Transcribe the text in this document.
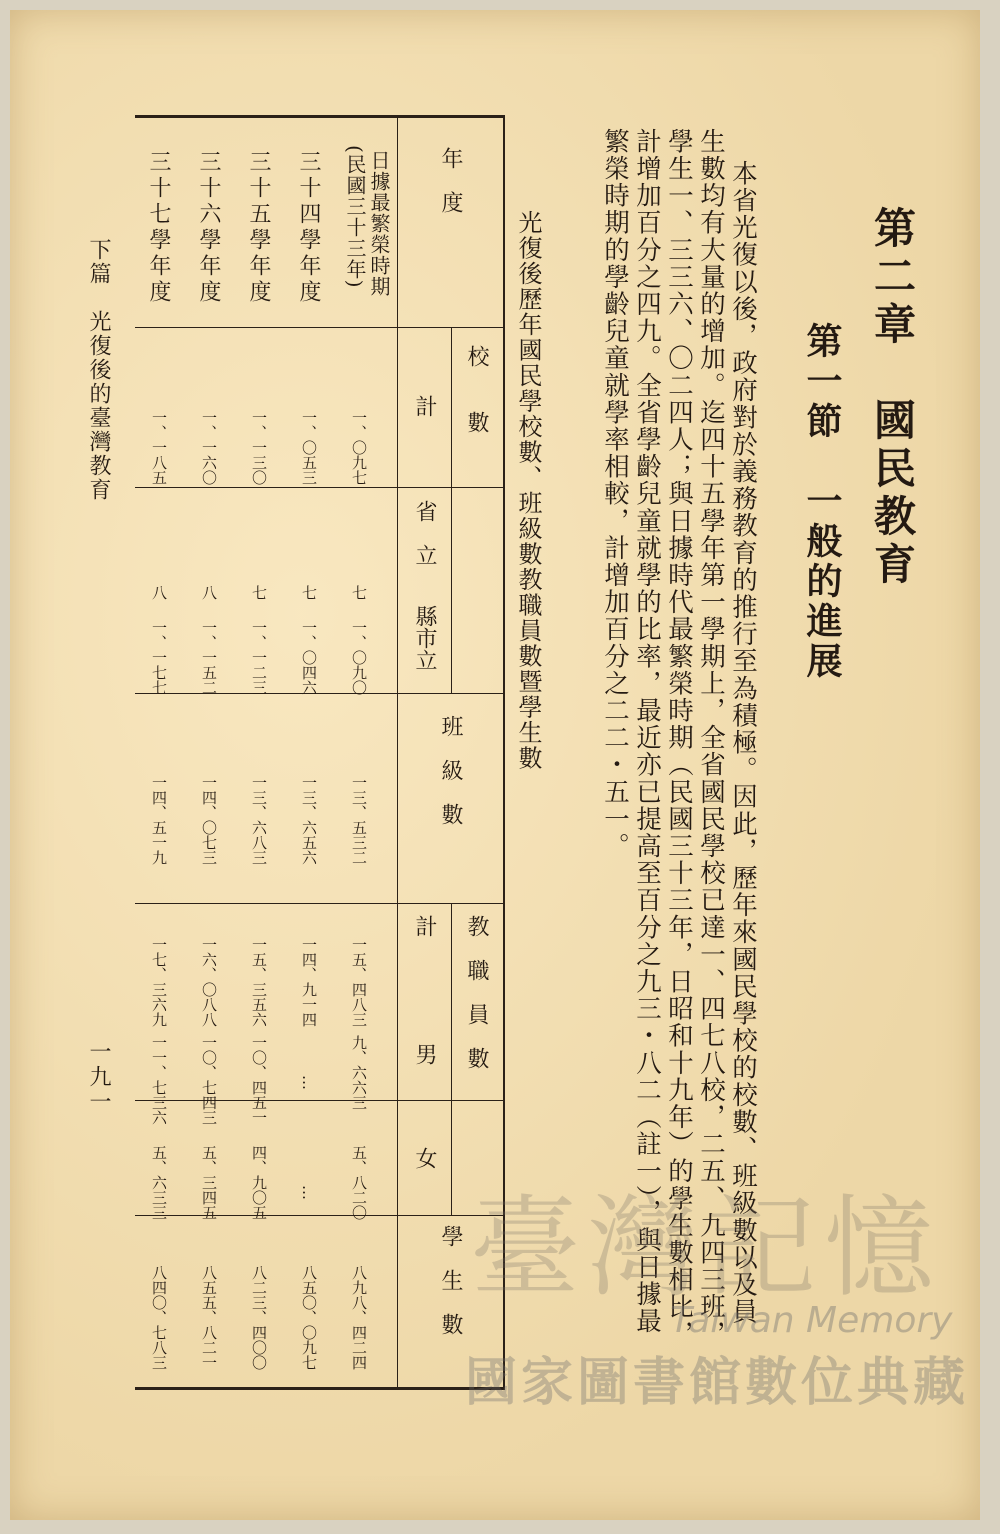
第二章　國民教育
第一節　一般的進展
本省光復以後，政府對於義務教育的推行至為積極。因此，歷年來國民學校的校數、班級數以及員
生數均有大量的增加。迄四十五學年第一學期上，全省國民學校已達一、四七八校，二五、九四三班，
學生一、三三六、〇二四人；與日據時代最繁榮時期（民國三十三年，日昭和十九年）的學生數相比，
計增加百分之四九。全省學齡兒童就學的比率，最近亦已提高至百分之九三・八二（註一），與日據最
繁榮時期的學齡兒童就學率相較，計增加百分之二二・五一。
光復後歷年國民學校數、班級數教職員數暨學生數
年　度
校　　數
計
省　立
縣市立
班　級　數
教　職　員　數
計
男
女
學　生　數
日據最繁榮時期
(民國三十三年)
一、〇九七
七
一、〇九〇
一三、五三二
一五、四八三
九、六六三
五、八二〇
八九八、四二四
三十四學年度
一、〇五三
七
一、〇四六
一三、六五六
一四、九一四
…
…
八五〇、〇九七
三十五學年度
一、一三〇
七
一、一二三
一三、六八三
一五、三五六
一〇、四五一
四、九〇五
八二三、四〇〇
三十六學年度
一、一六〇
八
一、一五二
一四、〇七三
一六、〇八八
一〇、七四三
五、三四五
八五五、八二一
三十七學年度
一、一八五
八
一、一七七
一四、五一九
一七、三六九
一一、七三六
五、六三三
八四〇、七八三
下篇　光復後的臺灣教育
一九一
臺灣記憶
Taiwan Memory
國家圖書館數位典藏
